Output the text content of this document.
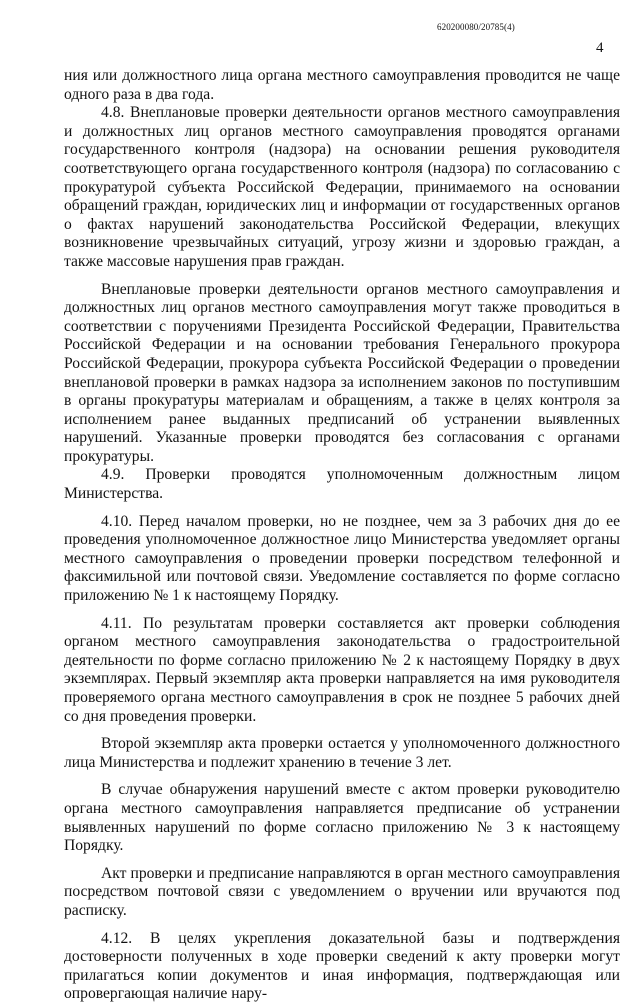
620200080/20785(4)
4

ния или должностного лица органа местного самоуправления проводится не чаще одного раза в два года.

4.8. Внеплановые проверки деятельности органов местного самоуправления и должностных лиц органов местного самоуправления проводятся органами государственного контроля (надзора) на основании решения руководителя соответствующего органа государственного контроля (надзора) по согласованию с прокуратурой субъекта Российской Федерации, принимаемого на основании обращений граждан, юридических лиц и информации от государственных органов о фактах нарушений законодательства Российской Федерации, влекущих возникновение чрезвычайных ситуаций, угрозу жизни и здоровью граждан, а также массовые нарушения прав граждан.

Внеплановые проверки деятельности органов местного самоуправления и должностных лиц органов местного самоуправления могут также проводиться в соответствии с поручениями Президента Российской Федерации, Правительства Российской Федерации и на основании требования Генерального прокурора Российской Федерации, прокурора субъекта Российской Федерации о проведении внеплановой проверки в рамках надзора за исполнением законов по поступившим в органы прокуратуры материалам и обращениям, а также в целях контроля за исполнением ранее выданных предписаний об устранении выявленных нарушений. Указанные проверки проводятся без согласования с органами прокуратуры.

4.9. Проверки проводятся уполномоченным должностным лицом Министерства.

4.10. Перед началом проверки, но не позднее, чем за 3 рабочих дня до ее проведения уполномоченное должностное лицо Министерства уведомляет органы местного самоуправления о проведении проверки посредством телефонной и факсимильной или почтовой связи. Уведомление составляется по форме согласно приложению № 1 к настоящему Порядку.

4.11. По результатам проверки составляется акт проверки соблюдения органом местного самоуправления законодательства о градостроительной деятельности по форме согласно приложению № 2 к настоящему Порядку в двух экземплярах. Первый экземпляр акта проверки направляется на имя руководителя проверяемого органа местного самоуправления в срок не позднее 5 рабочих дней со дня проведения проверки.

Второй экземпляр акта проверки остается у уполномоченного должностного лица Министерства и подлежит хранению в течение 3 лет.

В случае обнаружения нарушений вместе с актом проверки руководителю органа местного самоуправления направляется предписание об устранении выявленных нарушений по форме согласно приложению № 3 к настоящему Порядку.

Акт проверки и предписание направляются в орган местного самоуправления посредством почтовой связи с уведомлением о вручении или вручаются под расписку.

4.12. В целях укрепления доказательной базы и подтверждения достоверности полученных в ходе проверки сведений к акту проверки могут прилагаться копии документов и иная информация, подтверждающая или опровергающая наличие нару-
